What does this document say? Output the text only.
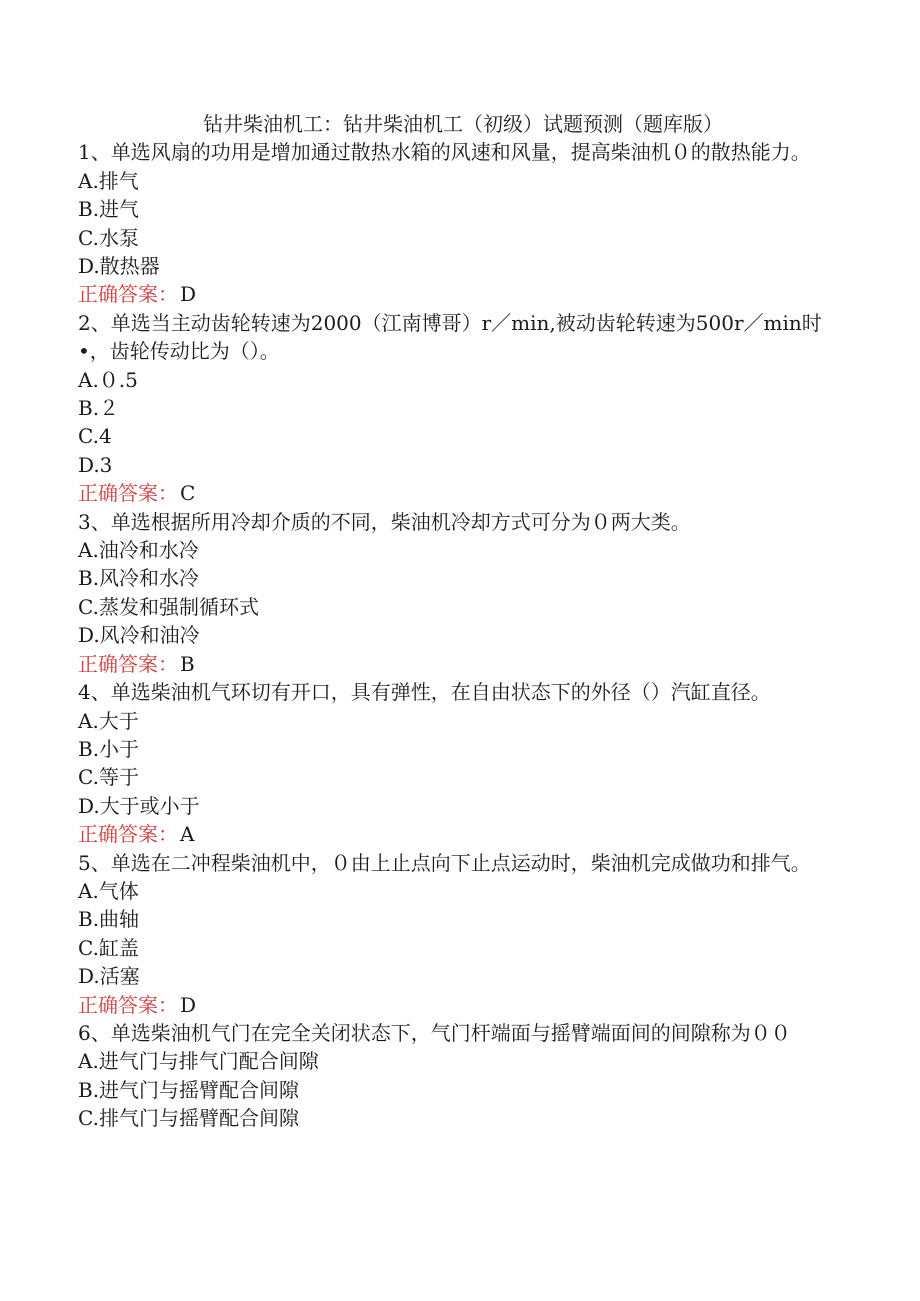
钻井柴油机工：钻井柴油机工（初级）试题预测（题库版）
1、单选风扇的功用是增加通过散热水箱的风速和风量，提高柴油机０的散热能力。
A.排气
B.进气
C.水泵
D.散热器
正确答案： D
2、单选当主动齿轮转速为2000（江南博哥）r／min,被动齿轮转速为500r／min时•，齿轮传动比为（）。
A.０.5
B.２
C.4
D.3
正确答案： C
3、单选根据所用冷却介质的不同，柴油机冷却方式可分为０两大类。
A.油冷和水冷
B.风冷和水冷
C.蒸发和强制循环式
D.风冷和油冷
正确答案： B
4、单选柴油机气环切有开口，具有弹性，在自由状态下的外径（）汽缸直径。
A.大于
B.小于
C.等于
D.大于或小于
正确答案： A
5、单选在二冲程柴油机中，０由上止点向下止点运动时，柴油机完成做功和排气。
A.气体
B.曲轴
C.缸盖
D.活塞
正确答案： D
6、单选柴油机气门在完全关闭状态下，气门杆端面与摇臂端面间的间隙称为００
A.进气门与排气门配合间隙
B.进气门与摇臂配合间隙
C.排气门与摇臂配合间隙
